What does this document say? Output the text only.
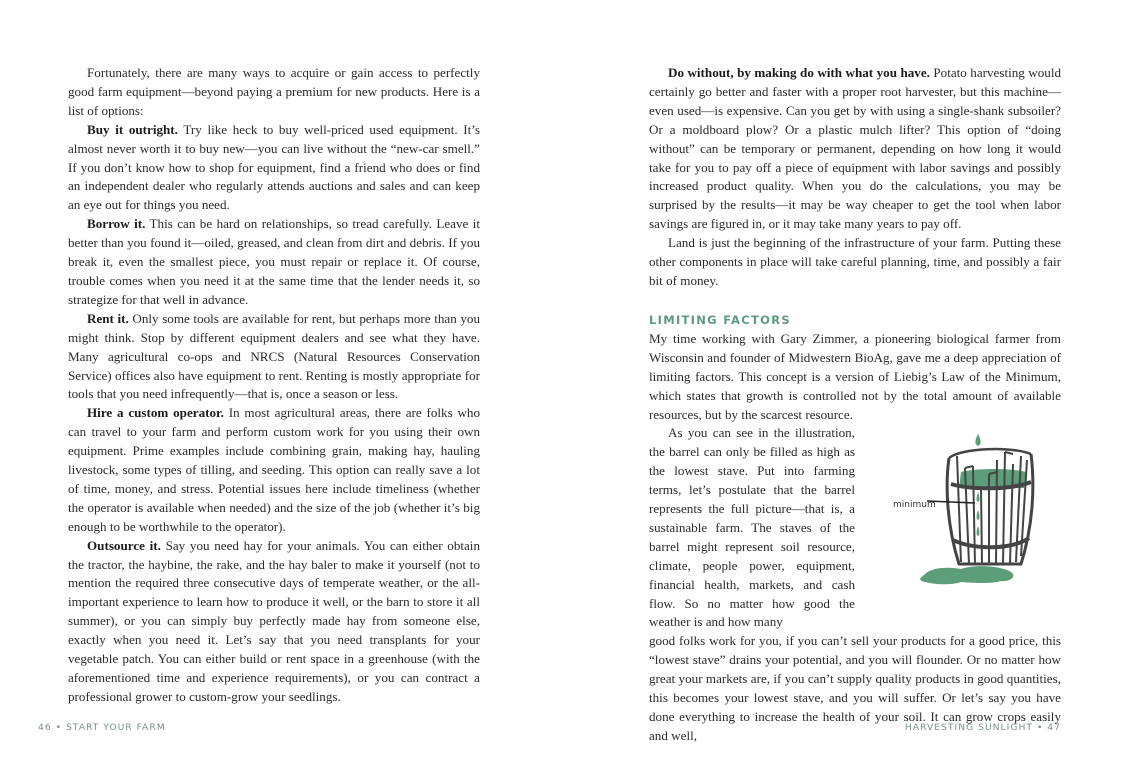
Fortunately, there are many ways to acquire or gain access to perfectly good farm equipment—beyond paying a premium for new products. Here is a list of options:

Buy it outright. Try like heck to buy well-priced used equipment. It’s almost never worth it to buy new—you can live without the “new-car smell.” If you don’t know how to shop for equipment, find a friend who does or find an independent dealer who regularly attends auctions and sales and can keep an eye out for things you need.

Borrow it. This can be hard on relationships, so tread carefully. Leave it better than you found it—oiled, greased, and clean from dirt and debris. If you break it, even the smallest piece, you must repair or replace it. Of course, trouble comes when you need it at the same time that the lender needs it, so strategize for that well in advance.

Rent it. Only some tools are available for rent, but perhaps more than you might think. Stop by different equipment dealers and see what they have. Many agricultural co-ops and NRCS (Natural Resources Conservation Service) offices also have equipment to rent. Renting is mostly appropriate for tools that you need infrequently—that is, once a season or less.

Hire a custom operator. In most agricultural areas, there are folks who can travel to your farm and perform custom work for you using their own equipment. Prime examples include combining grain, making hay, hauling livestock, some types of tilling, and seeding. This option can really save a lot of time, money, and stress. Potential issues here include timeliness (whether the operator is available when needed) and the size of the job (whether it’s big enough to be worthwhile to the operator).

Outsource it. Say you need hay for your animals. You can either obtain the tractor, the haybine, the rake, and the hay baler to make it yourself (not to mention the required three consecutive days of temperate weather, or the all-important experience to learn how to produce it well, or the barn to store it all summer), or you can simply buy perfectly made hay from someone else, exactly when you need it. Let’s say that you need transplants for your vegetable patch. You can either build or rent space in a greenhouse (with the aforementioned time and experience requirements), or you can contract a professional grower to custom-grow your seedlings.

46 • START YOUR FARM

Do without, by making do with what you have. Potato harvesting would certainly go better and faster with a proper root harvester, but this machine—even used—is expensive. Can you get by with using a single-shank subsoiler? Or a moldboard plow? Or a plastic mulch lifter? This option of “doing without” can be temporary or permanent, depending on how long it would take for you to pay off a piece of equipment with labor savings and possibly increased product quality. When you do the calculations, you may be surprised by the results—it may be way cheaper to get the tool when labor savings are figured in, or it may take many years to pay off.

Land is just the beginning of the infrastructure of your farm. Putting these other components in place will take careful planning, time, and possibly a fair bit of money.

LIMITING FACTORS

My time working with Gary Zimmer, a pioneering biological farmer from Wisconsin and founder of Midwestern BioAg, gave me a deep appreciation of limiting factors. This concept is a version of Liebig’s Law of the Minimum, which states that growth is controlled not by the total amount of available resources, but by the scarcest resource.

minimum

As you can see in the illustration, the barrel can only be filled as high as the lowest stave. Put into farming terms, let’s postulate that the barrel represents the full picture—that is, a sustainable farm. The staves of the barrel might represent soil resource, climate, people power, equipment, financial health, markets, and cash flow. So no matter how good the weather is and how many

good folks work for you, if you can’t sell your products for a good price, this “lowest stave” drains your potential, and you will flounder. Or no matter how great your markets are, if you can’t supply quality products in good quantities, this becomes your lowest stave, and you will suffer. Or let’s say you have done everything to increase the health of your soil. It can grow crops easily and well,

HARVESTING SUNLIGHT • 47
